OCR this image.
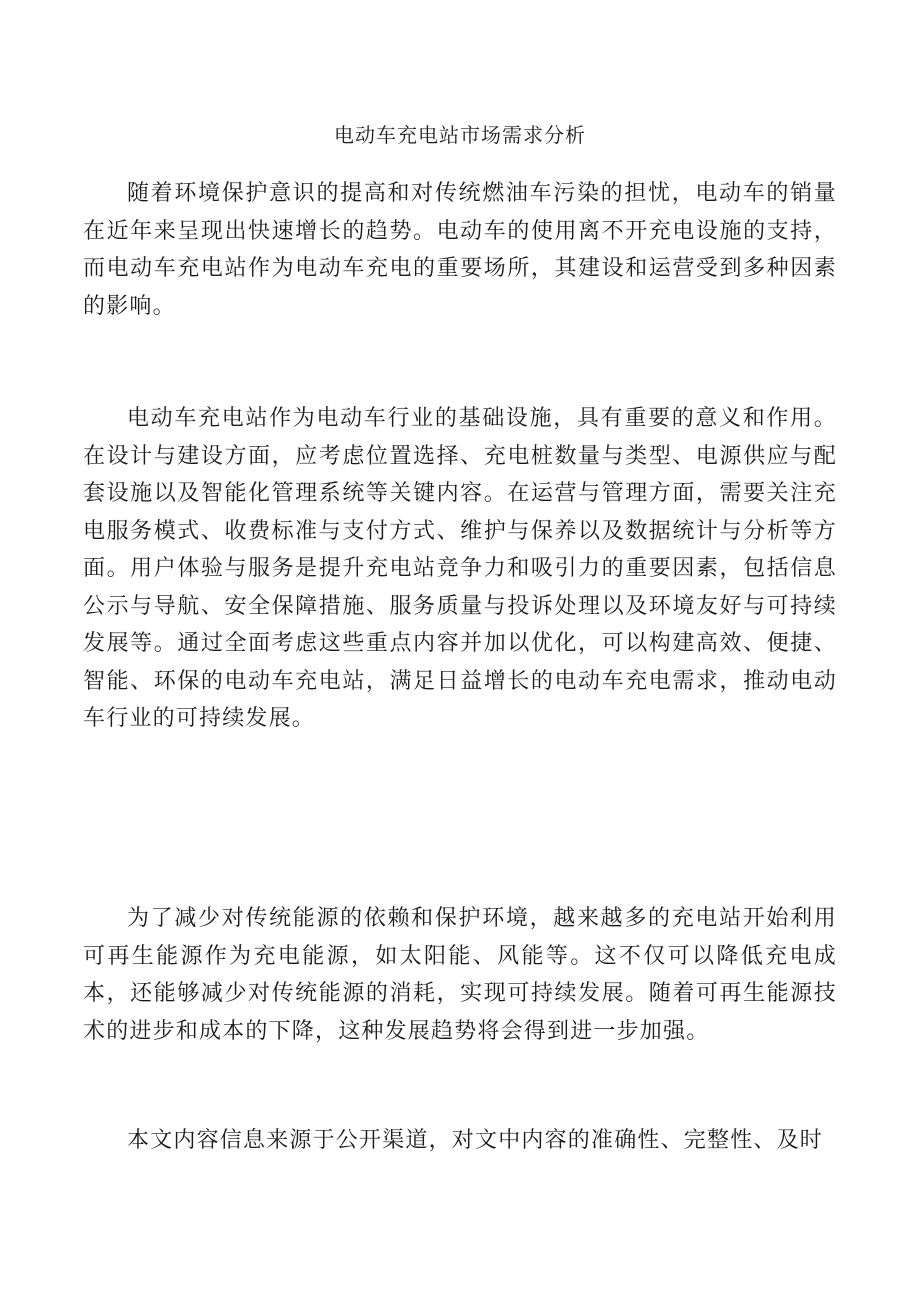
电动车充电站市场需求分析

随着环境保护意识的提高和对传统燃油车污染的担忧，电动车的销量在近年来呈现出快速增长的趋势。电动车的使用离不开充电设施的支持，而电动车充电站作为电动车充电的重要场所，其建设和运营受到多种因素的影响。

电动车充电站作为电动车行业的基础设施，具有重要的意义和作用。在设计与建设方面，应考虑位置选择、充电桩数量与类型、电源供应与配套设施以及智能化管理系统等关键内容。在运营与管理方面，需要关注充电服务模式、收费标准与支付方式、维护与保养以及数据统计与分析等方面。用户体验与服务是提升充电站竞争力和吸引力的重要因素，包括信息公示与导航、安全保障措施、服务质量与投诉处理以及环境友好与可持续发展等。通过全面考虑这些重点内容并加以优化，可以构建高效、便捷、智能、环保的电动车充电站，满足日益增长的电动车充电需求，推动电动车行业的可持续发展。

为了减少对传统能源的依赖和保护环境，越来越多的充电站开始利用可再生能源作为充电能源，如太阳能、风能等。这不仅可以降低充电成本，还能够减少对传统能源的消耗，实现可持续发展。随着可再生能源技术的进步和成本的下降，这种发展趋势将会得到进一步加强。

本文内容信息来源于公开渠道，对文中内容的准确性、完整性、及时
